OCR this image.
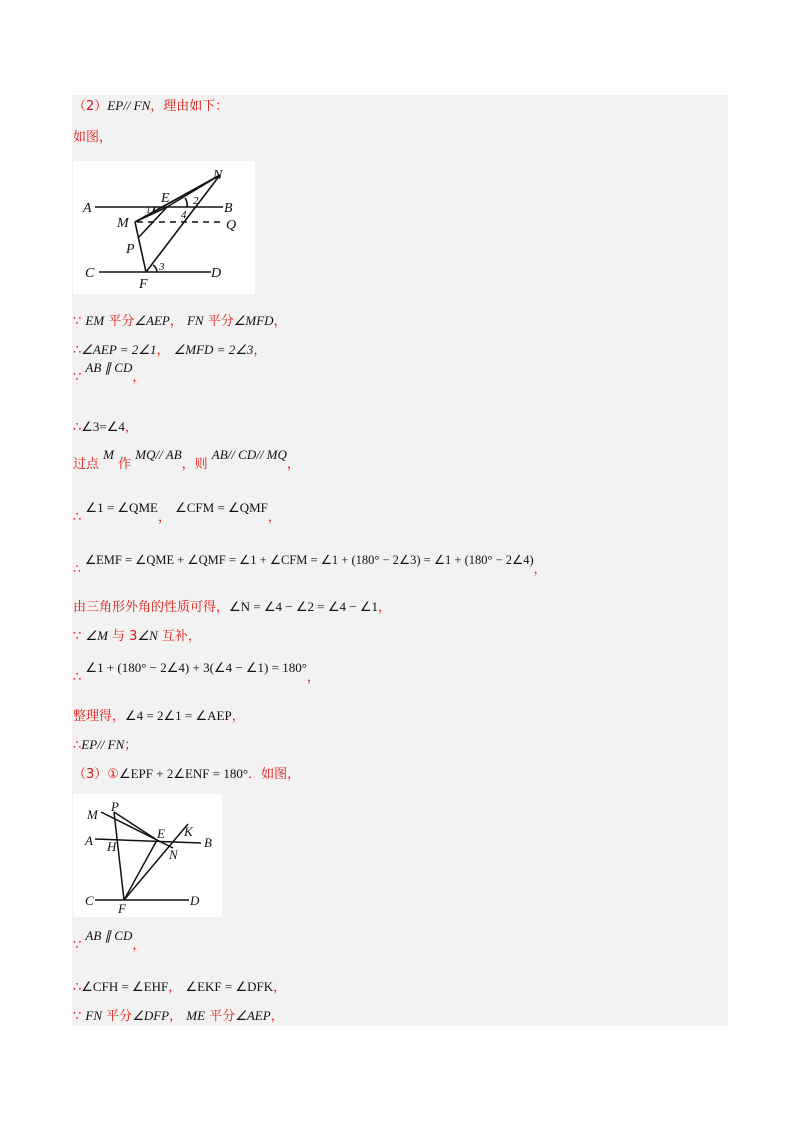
（2）EP// FN，理由如下：
如图，
N
A
E
B
M
2
4
Q
P
C	3	D
F
1
∵ EM 平分∠AEP， FN 平分∠MFD，
∴∠AEP = 2∠1， ∠MFD = 2∠3，
∵ AB ∥ CD，
∴∠3=∠4，
过点 M 作 MQ// AB，则 AB// CD// MQ，
∴ ∠1 = ∠QME， ∠CFM = ∠QMF，
∴ ∠EMF = ∠QME + ∠QMF = ∠1 + ∠CFM = ∠1 + (180° − 2∠3) = ∠1 + (180° − 2∠4)，
由三角形外角的性质可得，∠N = ∠4 − ∠2 = ∠4 − ∠1，
∵ ∠M 与 3∠N 互补，
∴ ∠1 + (180° − 2∠4) + 3(∠4 − ∠1) = 180°，
整理得，∠4 = 2∠1 = ∠AEP，
∴EP// FN；
（3）①∠EPF + 2∠ENF = 180°．如图，
M
P
A H
E K
B
N
C
F
D
∵ AB ∥ CD，
∴∠CFH = ∠EHF， ∠EKF = ∠DFK，
∵ FN 平分∠DFP， ME 平分∠AEP，
